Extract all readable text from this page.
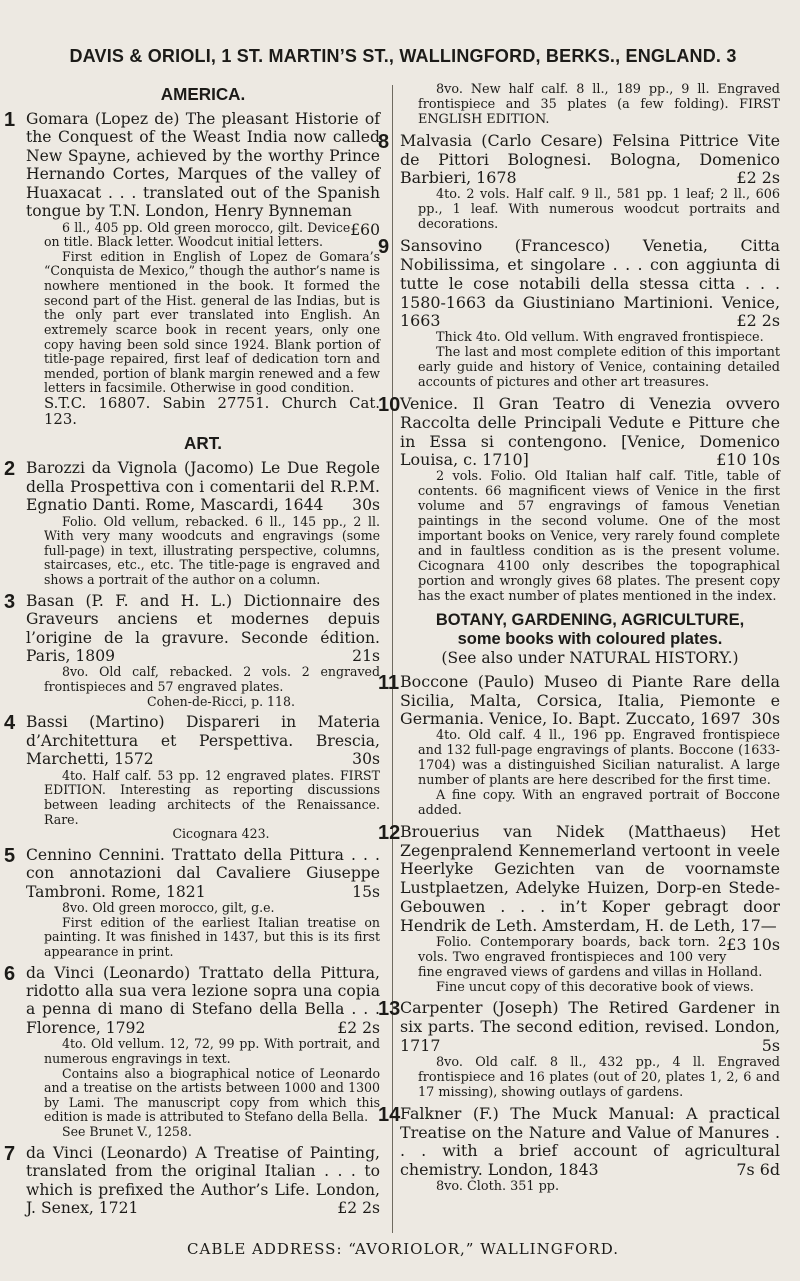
DAVIS & ORIOLI, 1 ST. MARTIN’S ST., WALLINGFORD, BERKS., ENGLAND. 3
AMERICA.
1 Gomara (Lopez de) The pleasant Historie of the Conquest of the Weast India now called New Spayne, achieved by the worthy Prince Hernando Cortes, Marques of the valley of Huaxacat . . . translated out of the Spanish tongue by T.N. London, Henry Bynneman
£60
6 ll., 405 pp. Old green morocco, gilt. Device on title. Black letter. Woodcut initial letters.
First edition in English of Lopez de Gomara’s “Conquista de Mexico,” though the author’s name is nowhere mentioned in the book. It formed the second part of the Hist. general de las Indias, but is the only part ever translated into English. An extremely scarce book in recent years, only one copy having been sold since 1924. Blank portion of title-page repaired, first leaf of dedication torn and mended, portion of blank margin renewed and a few letters in facsimile. Otherwise in good condition.
S.T.C. 16807. Sabin 27751. Church Cat. 123.
ART.
2 Barozzi da Vignola (Jacomo) Le Due Regole della Prospettiva con i comentarii del R.P.M. Egnatio Danti. Rome, Mascardi, 1644 30s
Folio. Old vellum, rebacked. 6 ll., 145 pp., 2 ll. With very many woodcuts and engravings (some full-page) in text, illustrating perspective, columns, staircases, etc., etc. The title-page is engraved and shows a portrait of the author on a column.
3 Basan (P. F. and H. L.) Dictionnaire des Graveurs anciens et modernes depuis l’origine de la gravure. Seconde édition. Paris, 1809	21s
8vo. Old calf, rebacked. 2 vols. 2 engraved frontispieces and 57 engraved plates.
Cohen-de-Ricci, p. 118.
4 Bassi (Martino) Dispareri in Materia d’Architettura et Perspettiva. Brescia, Marchetti, 1572	30s
4to. Half calf. 53 pp. 12 engraved plates. FIRST EDITION. Interesting as reporting discussions between leading architects of the Renaissance. Rare.
Cicognara 423.
5 Cennino Cennini. Trattato della Pittura . . . con annotazioni dal Cavaliere Giuseppe Tambroni. Rome, 1821	15s
8vo. Old green morocco, gilt, g.e.
First edition of the earliest Italian treatise on painting. It was finished in 1437, but this is its first appearance in print.
6 da Vinci (Leonardo) Trattato della Pittura, ridotto alla sua vera lezione sopra una copia a penna di mano di Stefano della Bella . . . Florence, 1792	£2 2s
4to. Old vellum. 12, 72, 99 pp. With portrait, and numerous engravings in text.
Contains also a biographical notice of Leonardo and a treatise on the artists between 1000 and 1300 by Lami. The manuscript copy from which this edition is made is attributed to Stefano della Bella.
See Brunet V., 1258.
7 da Vinci (Leonardo) A Treatise of Painting, translated from the original Italian . . . to which is prefixed the Author’s Life. London, J. Senex, 1721	£2 2s
8vo. New half calf. 8 ll., 189 pp., 9 ll. Engraved frontispiece and 35 plates (a few folding). FIRST ENGLISH EDITION.
8 Malvasia (Carlo Cesare) Felsina Pittrice Vite de Pittori Bolognesi. Bologna, Domenico Barbieri, 1678	£2 2s
4to. 2 vols. Half calf. 9 ll., 581 pp. 1 leaf; 2 ll., 606 pp., 1 leaf. With numerous woodcut portraits and decorations.
9 Sansovino (Francesco) Venetia, Citta Nobilissima, et singolare . . . con aggiunta di tutte le cose notabili della stessa citta . . . 1580-1663 da Giustiniano Martinioni. Venice, 1663	£2 2s
Thick 4to. Old vellum. With engraved frontispiece.
The last and most complete edition of this important early guide and history of Venice, containing detailed accounts of pictures and other art treasures.
10 Venice. Il Gran Teatro di Venezia ovvero Raccolta delle Principali Vedute e Pitture che in Essa si contengono. [Venice, Domenico Louisa, c. 1710]	£10 10s
2 vols. Folio. Old Italian half calf. Title, table of contents. 66 magnificent views of Venice in the first volume and 57 engravings of famous Venetian paintings in the second volume. One of the most important books on Venice, very rarely found complete and in faultless condition as is the present volume. Cicognara 4100 only describes the topographical portion and wrongly gives 68 plates. The present copy has the exact number of plates mentioned in the index.
BOTANY, GARDENING, AGRICULTURE,
some books with coloured plates.
(See also under NATURAL HISTORY.)
11 Boccone (Paulo) Museo di Piante Rare della Sicilia, Malta, Corsica, Italia, Piemonte e Germania. Venice, Io. Bapt. Zuccato, 1697 30s
4to. Old calf. 4 ll., 196 pp. Engraved frontispiece and 132 full-page engravings of plants. Boccone (1633-1704) was a distinguished Sicilian naturalist. A large number of plants are here described for the first time.
A fine copy. With an engraved portrait of Boccone added.
12 Brouerius van Nidek (Matthaeus) Het Zegenpralend Kennemerland vertoont in veele Heerlyke Gezichten van de voornamste Lustplaetzen, Adelyke Huizen, Dorp-en Stede-Gebouwen . . . in’t Koper gebragt door Hendrik de Leth. Amsterdam, H. de Leth, 17—
£3 10s
Folio. Contemporary boards, back torn. 2 vols. Two engraved frontispieces and 100 very fine engraved views of gardens and villas in Holland.
Fine uncut copy of this decorative book of views.
13 Carpenter (Joseph) The Retired Gardener in six parts. The second edition, revised. London, 1717	5s
8vo. Old calf. 8 ll., 432 pp., 4 ll. Engraved frontispiece and 16 plates (out of 20, plates 1, 2, 6 and 17 missing), showing outlays of gardens.
14 Falkner (F.) The Muck Manual: A practical Treatise on the Nature and Value of Manures . . . with a brief account of agricultural chemistry. London, 1843	7s 6d
8vo. Cloth. 351 pp.
CABLE ADDRESS: “AVORIOLOR,” WALLINGFORD.
